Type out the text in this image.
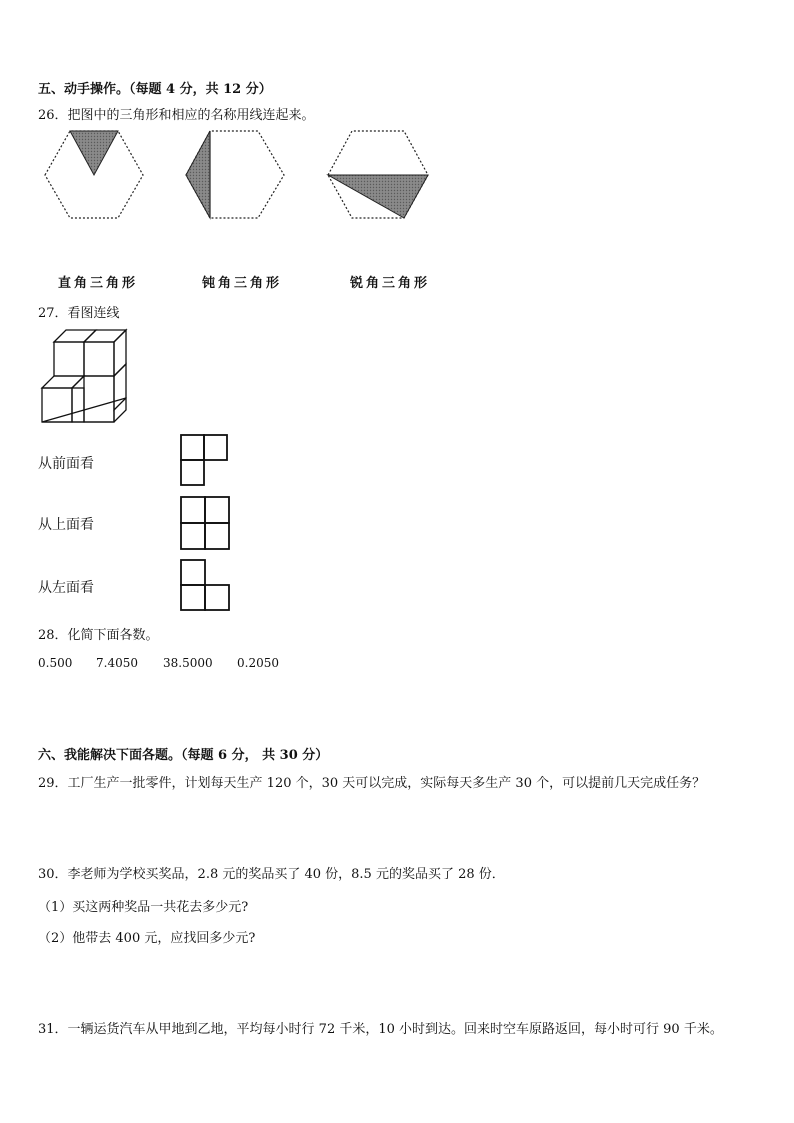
五、动手操作。（每题 4 分，共 12 分）
26．把图中的三角形和相应的名称用线连起来。
直角三角形	钝角三角形	锐角三角形
27．看图连线
从前面看
从上面看
从左面看
28．化简下面各数。
0.500 7.4050 38.5000 0.2050
六、我能解决下面各题。（每题 6 分， 共 30 分）
29．工厂生产一批零件，计划每天生产 120 个，30 天可以完成，实际每天多生产 30 个，可以提前几天完成任务？
30．李老师为学校买奖品，2.8 元的奖品买了 40 份，8.5 元的奖品买了 28 份．
（1）买这两种奖品一共花去多少元?
（2）他带去 400 元，应找回多少元?
31．一辆运货汽车从甲地到乙地，平均每小时行 72 千米，10 小时到达。回来时空车原路返回，每小时可行 90 千米。
